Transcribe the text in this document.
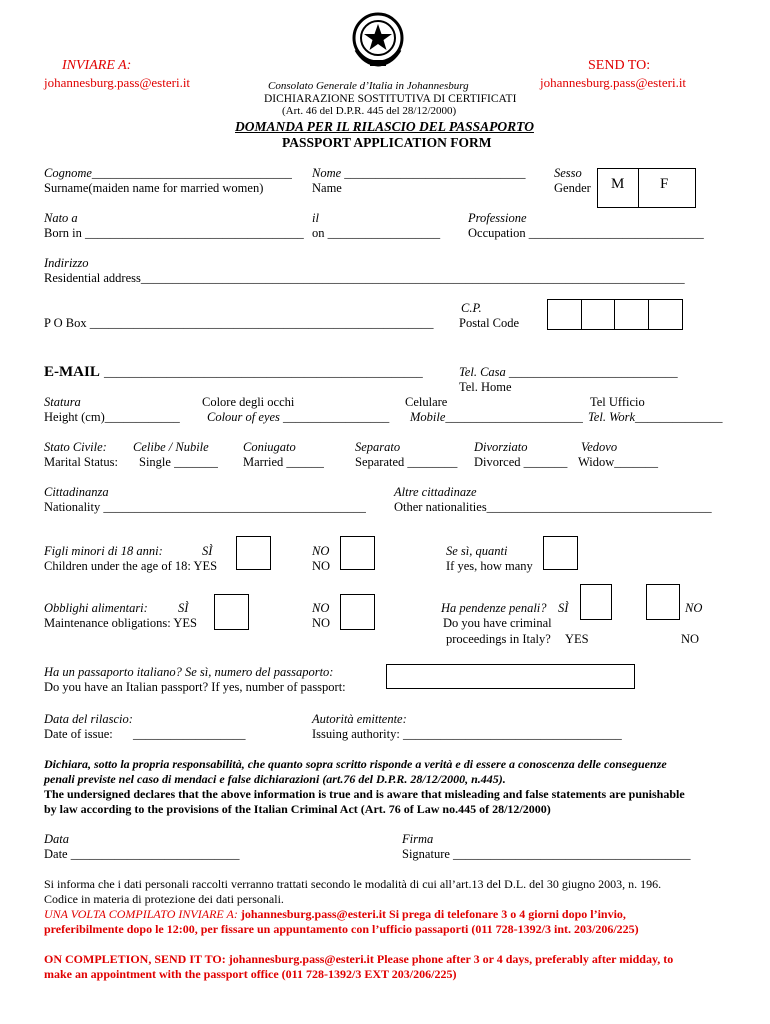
INVIARE A:
johannesburg.pass@esteri.it
SEND TO:
johannesburg.pass@esteri.it
Consolato Generale d’Italia in Johannesburg
DICHIARAZIONE SOSTITUTIVA DI CERTIFICATI
(Art. 46 del D.P.R. 445 del 28/12/2000)
DOMANDA PER IL RILASCIO DEL PASSAPORTO
PASSPORT APPLICATION FORM
Cognome________________________________
Surname(maiden name for married women)
Nome _____________________________
Name
Sesso
Gender M F
Nato a
Born in ___________________________________
il
on __________________
Professione
Occupation ____________________________
Indirizzo
Residential address_______________________________________________________________________________________
C.P.
P O Box _______________________________________________________ Postal Code
E-MAIL ___________________________________________________	Tel. Casa ___________________________
Tel. Home
Statura
Height (cm)____________
Colore degli occhi
Colour of eyes _________________
Celulare
Mobile______________________
Tel Ufficio
Tel. Work______________
Stato Civile:
Marital Status:
Celibe / Nubile
Single _______
Coniugato
Married ______
Separato
Separated ________
Divorziato
Divorced _______
Vedovo
Widow_______
Cittadinanza
Nationality __________________________________________
Altre cittadinaze
Other nationalities____________________________________
Figli minori di 18 anni:	SÌ
Children under the age of 18: YES
NO
NO
Se sì, quanti
If yes, how many
Obblighi alimentari: SÌ
Maintenance obligations: YES
NO
NO
Ha pendenze penali? SÌ
Do you have criminal
proceedings in Italy? YES
NO
NO
Ha un passaporto italiano? Se sì, numero del passaporto:
Do you have an Italian passport? If yes, number of passport:
Data del rilascio:
Date of issue: __________________
Autorità emittente:
Issuing authority: ___________________________________
Dichiara, sotto la propria responsabilità, che quanto sopra scritto risponde a verità e di essere a conoscenza delle conseguenze
penali previste nel caso di mendaci e false dichiarazioni (art.76 del D.P.R. 28/12/2000, n.445).
The undersigned declares that the above information is true and is aware that misleading and false statements are punishable
by law according to the provisions of the Italian Criminal Act (Art. 76 of Law no.445 of 28/12/2000)
Data
Date ___________________________
Firma
Signature ______________________________________
Si informa che i dati personali raccolti verranno trattati secondo le modalità di cui all’art.13 del D.L. del 30 giugno 2003, n. 196.
Codice in materia di protezione dei dati personali.
UNA VOLTA COMPILATO INVIARE A: johannesburg.pass@esteri.it Si prega di telefonare 3 o 4 giorni dopo l’invio,
preferibilmente dopo le 12:00, per fissare un appuntamento con l’ufficio passaporti (011 728-1392/3 int. 203/206/225)
ON COMPLETION, SEND IT TO: johannesburg.pass@esteri.it Please phone after 3 or 4 days, preferably after midday, to
make an appointment with the passport office (011 728-1392/3 EXT 203/206/225)
